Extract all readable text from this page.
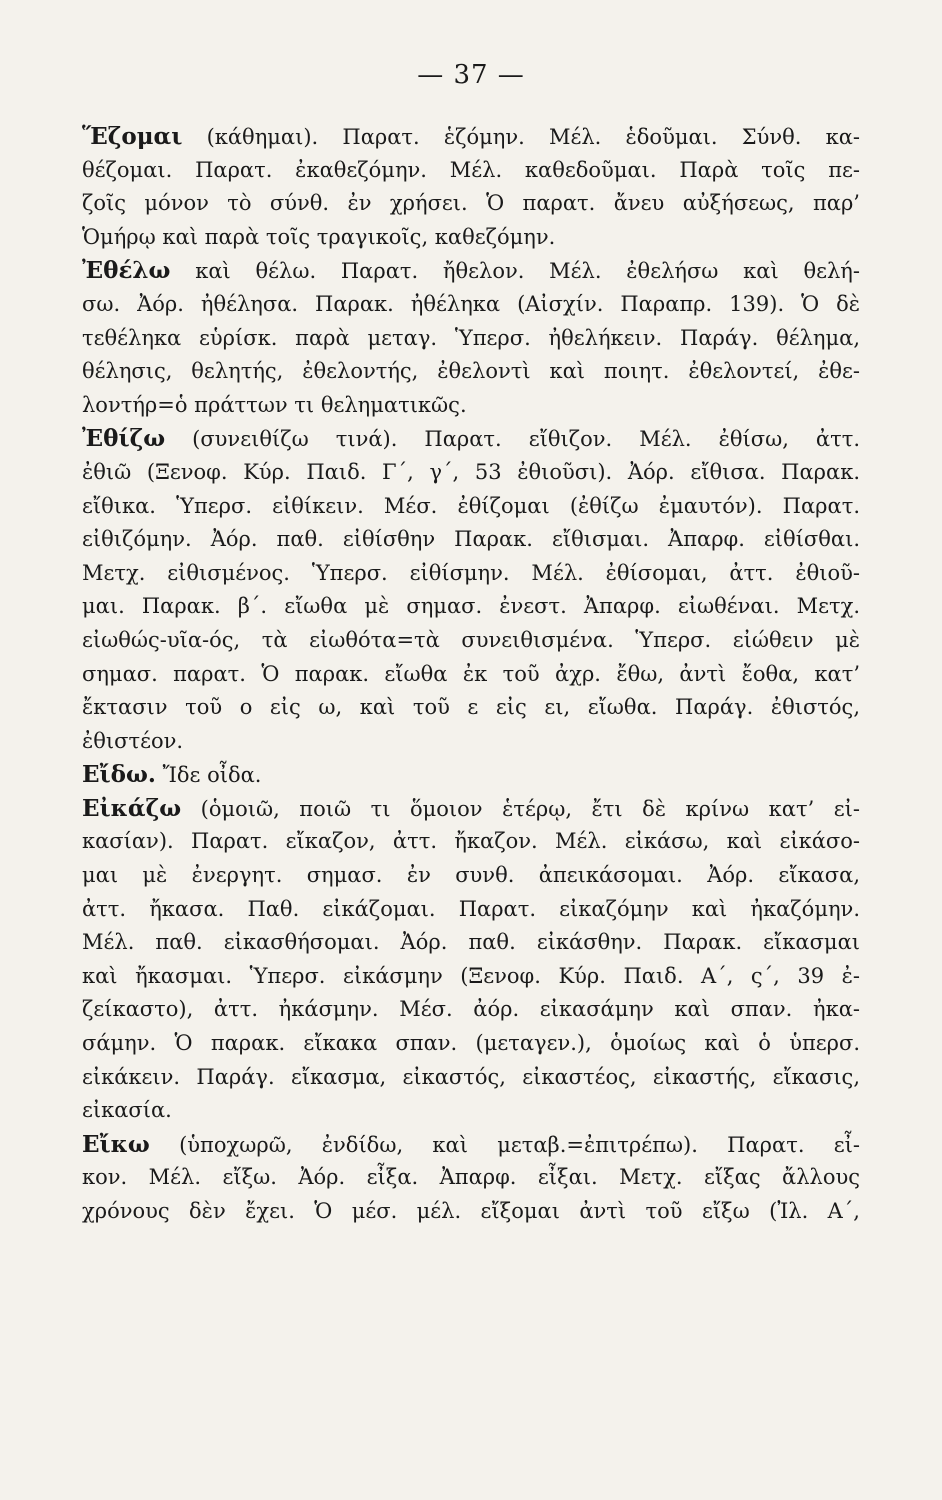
— 37 —
Ἕζομαι (κάθημαι). Παρατ. ἑζόμην. Μέλ. ἑδοῦμαι. Σύνθ. κα-
θέζομαι. Παρατ. ἐκαθεζόμην. Μέλ. καθεδοῦμαι. Παρὰ τοῖς πε-
ζοῖς μόνον τὸ σύνθ. ἐν χρήσει. Ὁ παρατ. ἄνευ αὐξήσεως, παρ’
Ὁμήρῳ καὶ παρὰ τοῖς τραγικοῖς, καθεζόμην.
Ἐθέλω καὶ θέλω. Παρατ. ἤθελον. Μέλ. ἐθελήσω καὶ θελή-
σω. Ἀόρ. ἠθέλησα. Παρακ. ἠθέληκα (Αἰσχίν. Παραπρ. 139). Ὁ δὲ
τεθέληκα εὑρίσκ. παρὰ μεταγ. Ὑπερσ. ἠθελήκειν. Παράγ. θέλημα,
θέλησις, θελητής, ἐθελοντής, ἐθελοντὶ καὶ ποιητ. ἐθελοντεί, ἐθε-
λοντήρ=ὁ πράττων τι θεληματικῶς.
Ἐθίζω (συνειθίζω τινά). Παρατ. εἴθιζον. Μέλ. ἐθίσω, ἀττ.
ἐθιῶ (Ξενοφ. Κύρ. Παιδ. Γ΄, γ΄, 53 ἐθιοῦσι). Ἀόρ. εἴθισα. Παρακ.
εἴθικα. Ὑπερσ. εἰθίκειν. Μέσ. ἐθίζομαι (ἐθίζω ἐμαυτόν). Παρατ.
εἰθιζόμην. Ἀόρ. παθ. εἰθίσθην Παρακ. εἴθισμαι. Ἀπαρφ. εἰθίσθαι.
Μετχ. εἰθισμένος. Ὑπερσ. εἰθίσμην. Μέλ. ἐθίσομαι, ἀττ. ἐθιοῦ-
μαι. Παρακ. β΄. εἴωθα μὲ σημασ. ἐνεστ. Ἀπαρφ. εἰωθέναι. Μετχ.
εἰωθώς-υῖα-ός, τὰ εἰωθότα=τὰ συνειθισμένα. Ὑπερσ. εἰώθειν μὲ
σημασ. παρατ. Ὁ παρακ. εἴωθα ἐκ τοῦ ἀχρ. ἔθω, ἀντὶ ἔοθα, κατ’
ἔκτασιν τοῦ ο εἰς ω, καὶ τοῦ ε εἰς ει, εἴωθα. Παράγ. ἐθιστός,
ἐθιστέον.
Εἴδω. Ἴδε οἶδα.
Εἰκάζω (ὁμοιῶ, ποιῶ τι ὅμοιον ἑτέρῳ, ἔτι δὲ κρίνω κατ’ εἰ-
κασίαν). Παρατ. εἴκαζον, ἀττ. ἤκαζον. Μέλ. εἰκάσω, καὶ εἰκάσο-
μαι μὲ ἐνεργητ. σημασ. ἐν συνθ. ἀπεικάσομαι. Ἀόρ. εἴκασα,
ἀττ. ἤκασα. Παθ. εἰκάζομαι. Παρατ. εἰκαζόμην καὶ ἠκαζόμην.
Μέλ. παθ. εἰκασθήσομαι. Ἀόρ. παθ. εἰκάσθην. Παρακ. εἴκασμαι
καὶ ἤκασμαι. Ὑπερσ. εἰκάσμην (Ξενοφ. Κύρ. Παιδ. Α΄, ς΄, 39 ἐ-
ζείκαστο), ἀττ. ἠκάσμην. Μέσ. ἀόρ. εἰκασάμην καὶ σπαν. ἠκα-
σάμην. Ὁ παρακ. εἴκακα σπαν. (μεταγεν.), ὁμοίως καὶ ὁ ὑπερσ.
εἰκάκειν. Παράγ. εἴκασμα, εἰκαστός, εἰκαστέος, εἰκαστής, εἴκασις,
εἰκασία.
Εἴκω (ὑποχωρῶ, ἐνδίδω, καὶ μεταβ.=ἐπιτρέπω). Παρατ. εἶ-
κον. Μέλ. εἴξω. Ἀόρ. εἶξα. Ἀπαρφ. εἶξαι. Μετχ. εἴξας ἄλλους
χρόνους δὲν ἔχει. Ὁ μέσ. μέλ. εἴξομαι ἀντὶ τοῦ εἴξω (Ἰλ. Α΄,
